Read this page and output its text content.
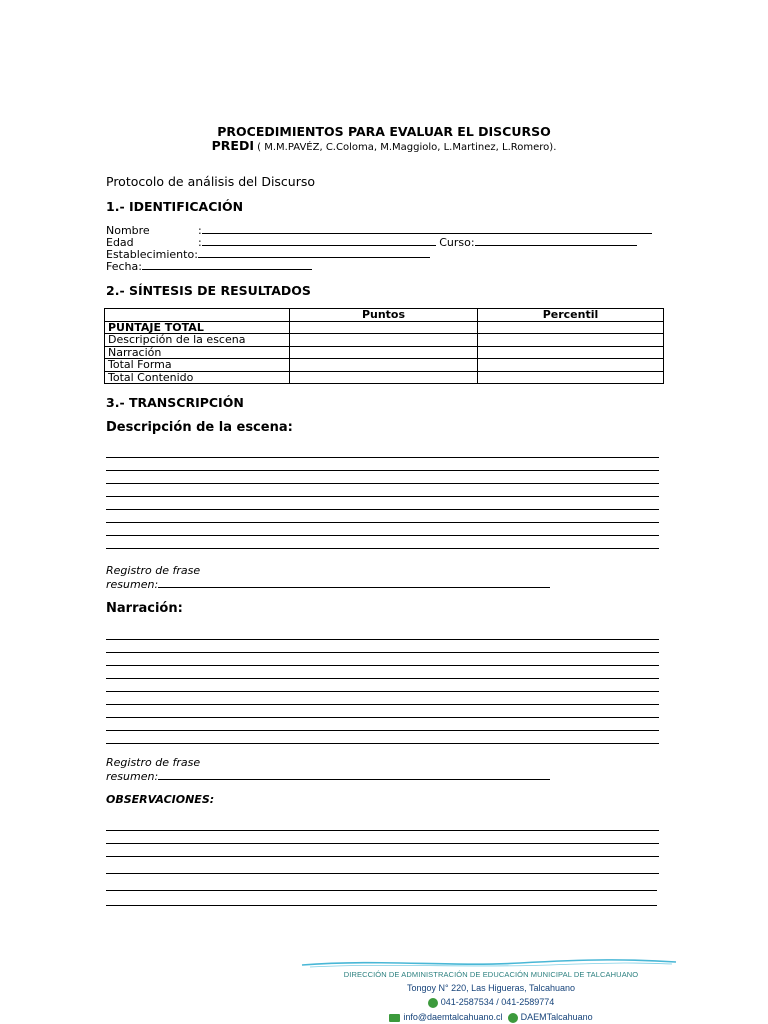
PROCEDIMIENTOS PARA EVALUAR EL DISCURSO
PREDI ( M.M.PAVÉZ, C.Coloma, M.Maggiolo, L.Martinez, L.Romero).
Protocolo de análisis del Discurso
1.- IDENTIFICACIÓN
Nombre	:
Edad	:	Curso:
Establecimiento:
Fecha:
2.- SÍNTESIS DE RESULTADOS
	Puntos	Percentil
PUNTAJE TOTAL		
Descripción de la escena		
Narración		
Total Forma		
Total Contenido		
3.- TRANSCRIPCIÓN
Descripción de la escena:
Registro de frase
resumen:
Narración:
Registro de frase
resumen:
OBSERVACIONES:
DIRECCIÓN DE ADMINISTRACIÓN DE EDUCACIÓN MUNICIPAL DE TALCAHUANO
Tongoy N° 220, Las Higueras, Talcahuano
041-2587534 / 041-2589774
info@daemtalcahuano.cl DAEMTalcahuano
